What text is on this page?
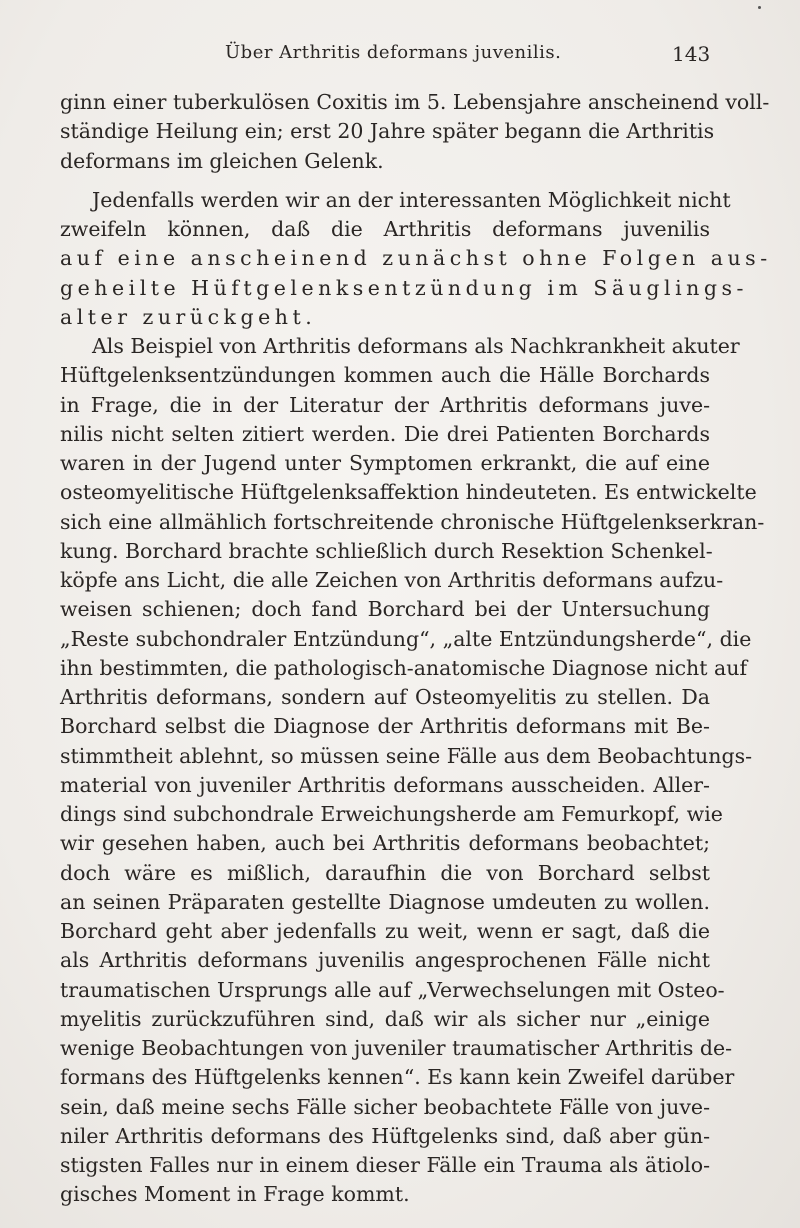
Über Arthritis deformans juvenilis.	143
ginn einer tuberkulösen Coxitis im 5. Lebensjahre anscheinend voll-
ständige Heilung ein; erst 20 Jahre später begann die Arthritis
deformans im gleichen Gelenk.
Jedenfalls werden wir an der interessanten Möglichkeit nicht
zweifeln können, daß die Arthritis deformans juvenilis
auf eine anscheinend zunächst ohne Folgen aus-
geheilte Hüftgelenksentzündung im Säuglings-
alter zurückgeht.
Als Beispiel von Arthritis deformans als Nachkrankheit akuter
Hüftgelenksentzündungen kommen auch die Hälle Borchards
in Frage, die in der Literatur der Arthritis deformans juve-
nilis nicht selten zitiert werden. Die drei Patienten Borchards
waren in der Jugend unter Symptomen erkrankt, die auf eine
osteomyelitische Hüftgelenksaffektion hindeuteten. Es entwickelte
sich eine allmählich fortschreitende chronische Hüftgelenkserkran-
kung. Borchard brachte schließlich durch Resektion Schenkel-
köpfe ans Licht, die alle Zeichen von Arthritis deformans aufzu-
weisen schienen; doch fand Borchard bei der Untersuchung
„Reste subchondraler Entzündung“, „alte Entzündungsherde“, die
ihn bestimmten, die pathologisch-anatomische Diagnose nicht auf
Arthritis deformans, sondern auf Osteomyelitis zu stellen. Da
Borchard selbst die Diagnose der Arthritis deformans mit Be-
stimmtheit ablehnt, so müssen seine Fälle aus dem Beobachtungs-
material von juveniler Arthritis deformans ausscheiden. Aller-
dings sind subchondrale Erweichungsherde am Femurkopf, wie
wir gesehen haben, auch bei Arthritis deformans beobachtet;
doch wäre es mißlich, daraufhin die von Borchard selbst
an seinen Präparaten gestellte Diagnose umdeuten zu wollen.
Borchard geht aber jedenfalls zu weit, wenn er sagt, daß die
als Arthritis deformans juvenilis angesprochenen Fälle nicht
traumatischen Ursprungs alle auf „Verwechselungen mit Osteo-
myelitis zurückzuführen sind, daß wir als sicher nur „einige
wenige Beobachtungen von juveniler traumatischer Arthritis de-
formans des Hüftgelenks kennen“. Es kann kein Zweifel darüber
sein, daß meine sechs Fälle sicher beobachtete Fälle von juve-
niler Arthritis deformans des Hüftgelenks sind, daß aber gün-
stigsten Falles nur in einem dieser Fälle ein Trauma als ätiolo-
gisches Moment in Frage kommt.
